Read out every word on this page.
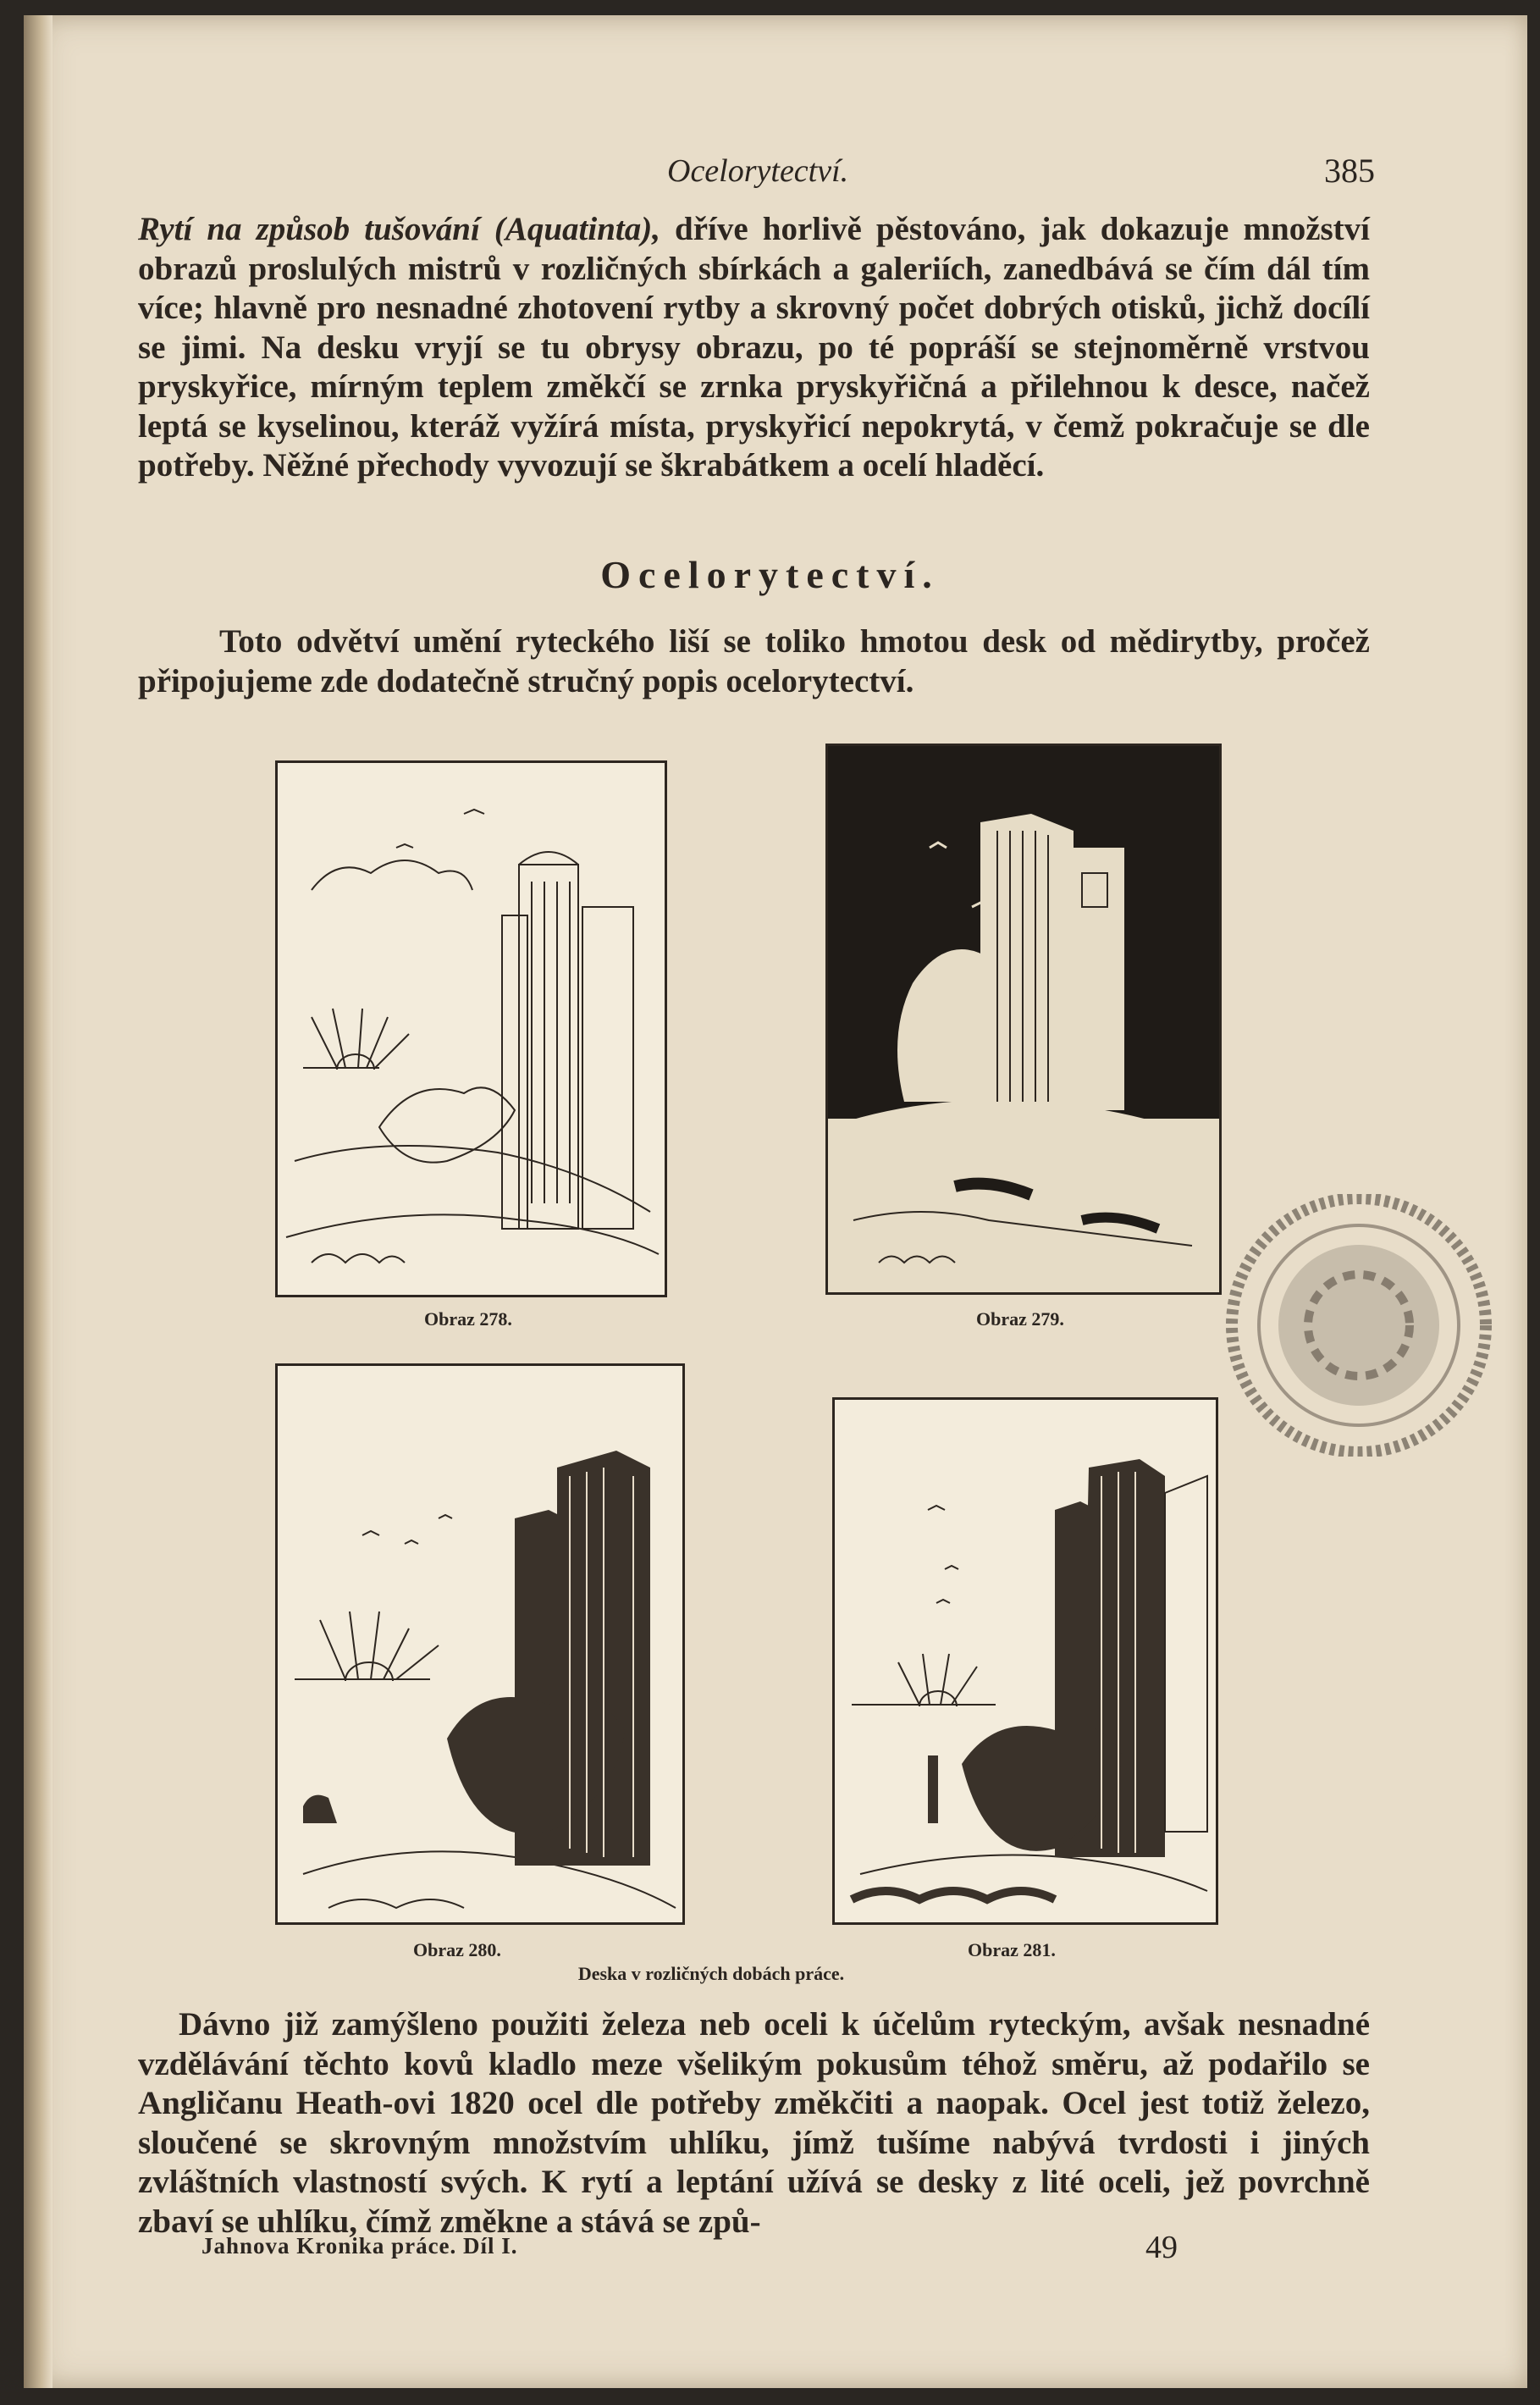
Ocelorytectví.	385
Rytí na způsob tušování (Aquatinta), dříve horlivě pěstováno, jak dokazuje množství obrazů proslulých mistrů v rozličných sbírkách a galeriích, zanedbává se čím dál tím více; hlavně pro nesnadné zhotovení rytby a skrovný počet dobrých otisků, jichž docílí se jimi. Na desku vryjí se tu obrysy obrazu, po té popráší se stejnoměrně vrstvou pryskyřice, mírným teplem změkčí se zrnka pryskyřičná a přilehnou k desce, načež leptá se kyselinou, kteráž vyžírá místa, pryskyřicí nepokrytá, v čemž pokračuje se dle potřeby. Něžné přechody vyvozují se škrabátkem a ocelí hladěcí.
Ocelorytectví.
Toto odvětví umění ryteckého liší se toliko hmotou desk od mědirytby, pročež připojujeme zde dodatečně stručný popis ocelorytectví.
Obraz 278.	Obraz 279.
Obraz 280.	Obraz 281.
Deska v rozličných dobách práce.
Dávno již zamýšleno použiti železa neb oceli k účelům ryteckým, avšak nesnadné vzdělávání těchto kovů kladlo meze všelikým pokusům téhož směru, až podařilo se Angličanu Heath-ovi 1820 ocel dle potřeby změkčiti a naopak. Ocel jest totiž železo, sloučené se skrovným množstvím uhlíku, jímž tušíme nabývá tvrdosti i jiných zvláštních vlastností svých. K rytí a leptání užívá se desky z lité oceli, jež povrchně zbaví se uhlíku, čímž změkne a stává se způ-
Jahnova Kronika práce. Díl I.	49
